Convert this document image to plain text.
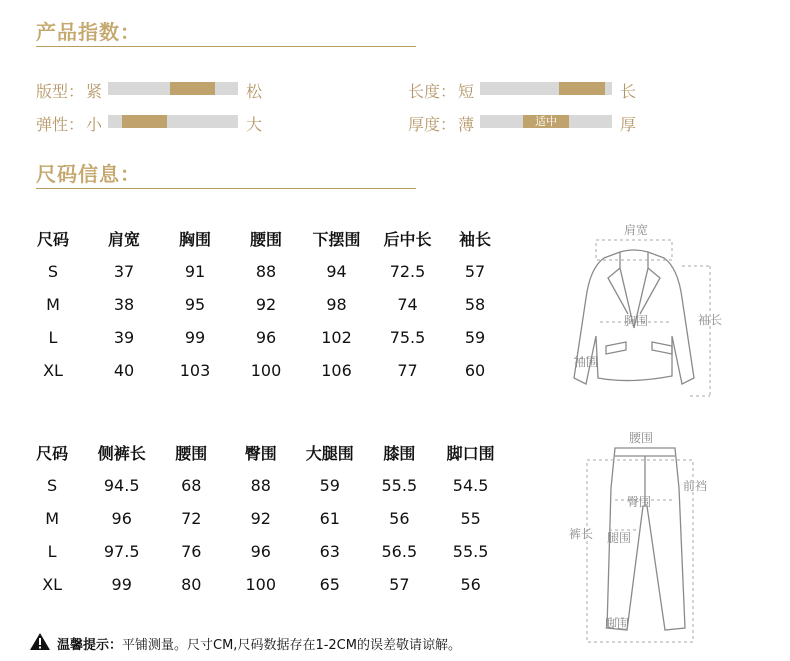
产品指数：
版型： 紧	松
弹性： 小	大
长度： 短	长
厚度： 薄	适中	厚
尺码信息：
尺码	肩宽	胸围	腰围	下摆围	后中长	袖长
S	37	91	88	94	72.5	57
M	38	95	92	98	74	58
L	39	99	96	102	75.5	59
XL	40	103	100	106	77	60
尺码	侧裤长	腰围	臀围	大腿围	膝围	脚口围
S	94.5	68	88	59	55.5	54.5
M	96	72	92	61	56	55
L	97.5	76	96	63	56.5	55.5
XL	99	80	100	65	57	56
肩宽
胸围	袖长
袖围
腰围
前裆
臀围
裤长 腿围
脚围
温馨提示：平铺测量。尺寸CM,尺码数据存在1-2CM的误差敬请谅解。
